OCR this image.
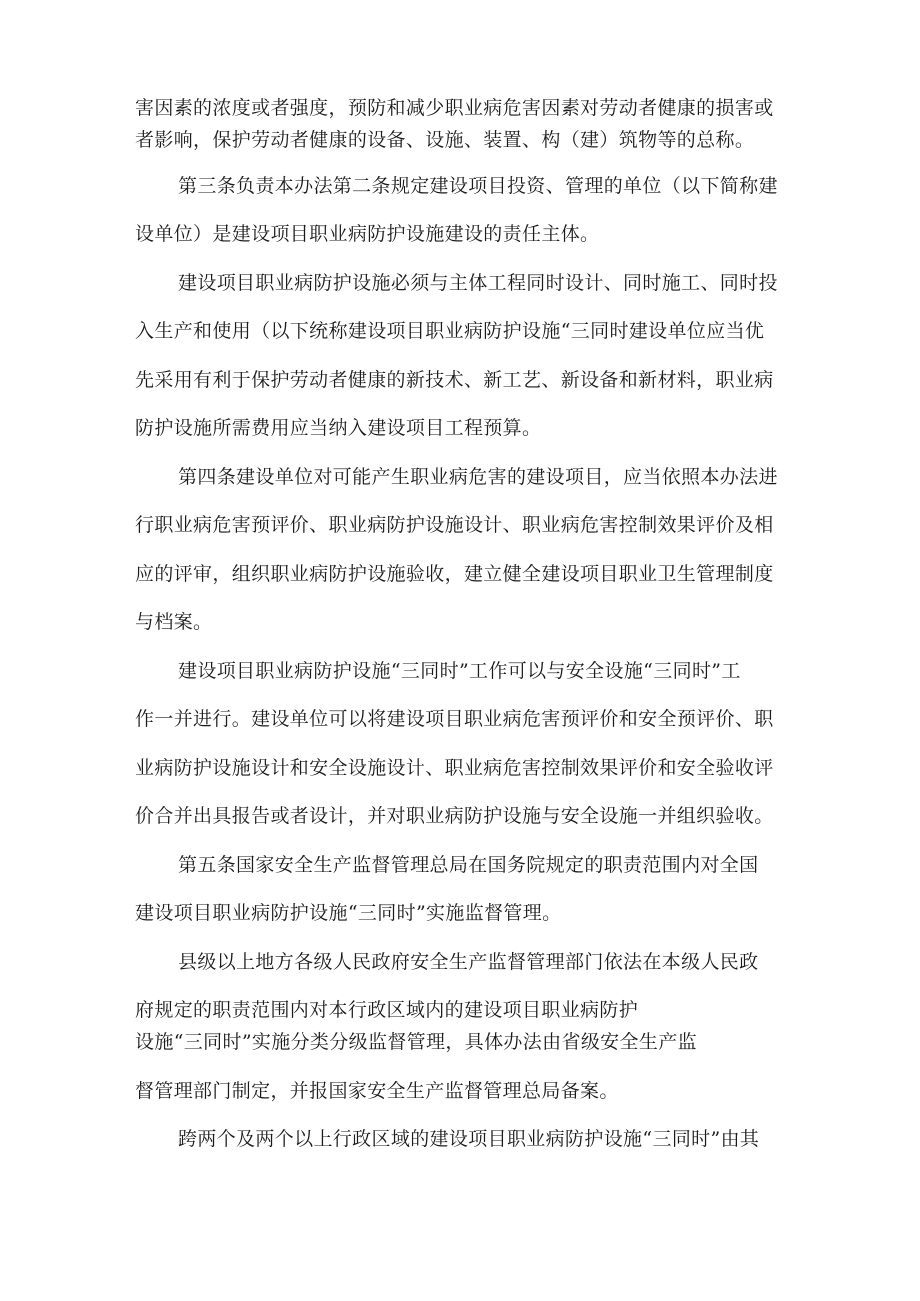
害因素的浓度或者强度，预防和减少职业病危害因素对劳动者健康的损害或
者影响，保护劳动者健康的设备、设施、装置、构（建）筑物等的总称。
第三条负责本办法第二条规定建设项目投资、管理的单位（以下简称建
设单位）是建设项目职业病防护设施建设的责任主体。
建设项目职业病防护设施必须与主体工程同时设计、同时施工、同时投
入生产和使用（以下统称建设项目职业病防护设施“三同时建设单位应当优
先采用有利于保护劳动者健康的新技术、新工艺、新设备和新材料，职业病
防护设施所需费用应当纳入建设项目工程预算。
第四条建设单位对可能产生职业病危害的建设项目，应当依照本办法进
行职业病危害预评价、职业病防护设施设计、职业病危害控制效果评价及相
应的评审，组织职业病防护设施验收，建立健全建设项目职业卫生管理制度
与档案。
建设项目职业病防护设施“三同时”工作可以与安全设施“三同时”工
作一并进行。建设单位可以将建设项目职业病危害预评价和安全预评价、职
业病防护设施设计和安全设施设计、职业病危害控制效果评价和安全验收评
价合并出具报告或者设计，并对职业病防护设施与安全设施一并组织验收。
第五条国家安全生产监督管理总局在国务院规定的职责范围内对全国
建设项目职业病防护设施“三同时”实施监督管理。
县级以上地方各级人民政府安全生产监督管理部门依法在本级人民政
府规定的职责范围内对本行政区域内的建设项目职业病防护
设施“三同时”实施分类分级监督管理，具体办法由省级安全生产监
督管理部门制定，并报国家安全生产监督管理总局备案。
跨两个及两个以上行政区域的建设项目职业病防护设施“三同时”由其
